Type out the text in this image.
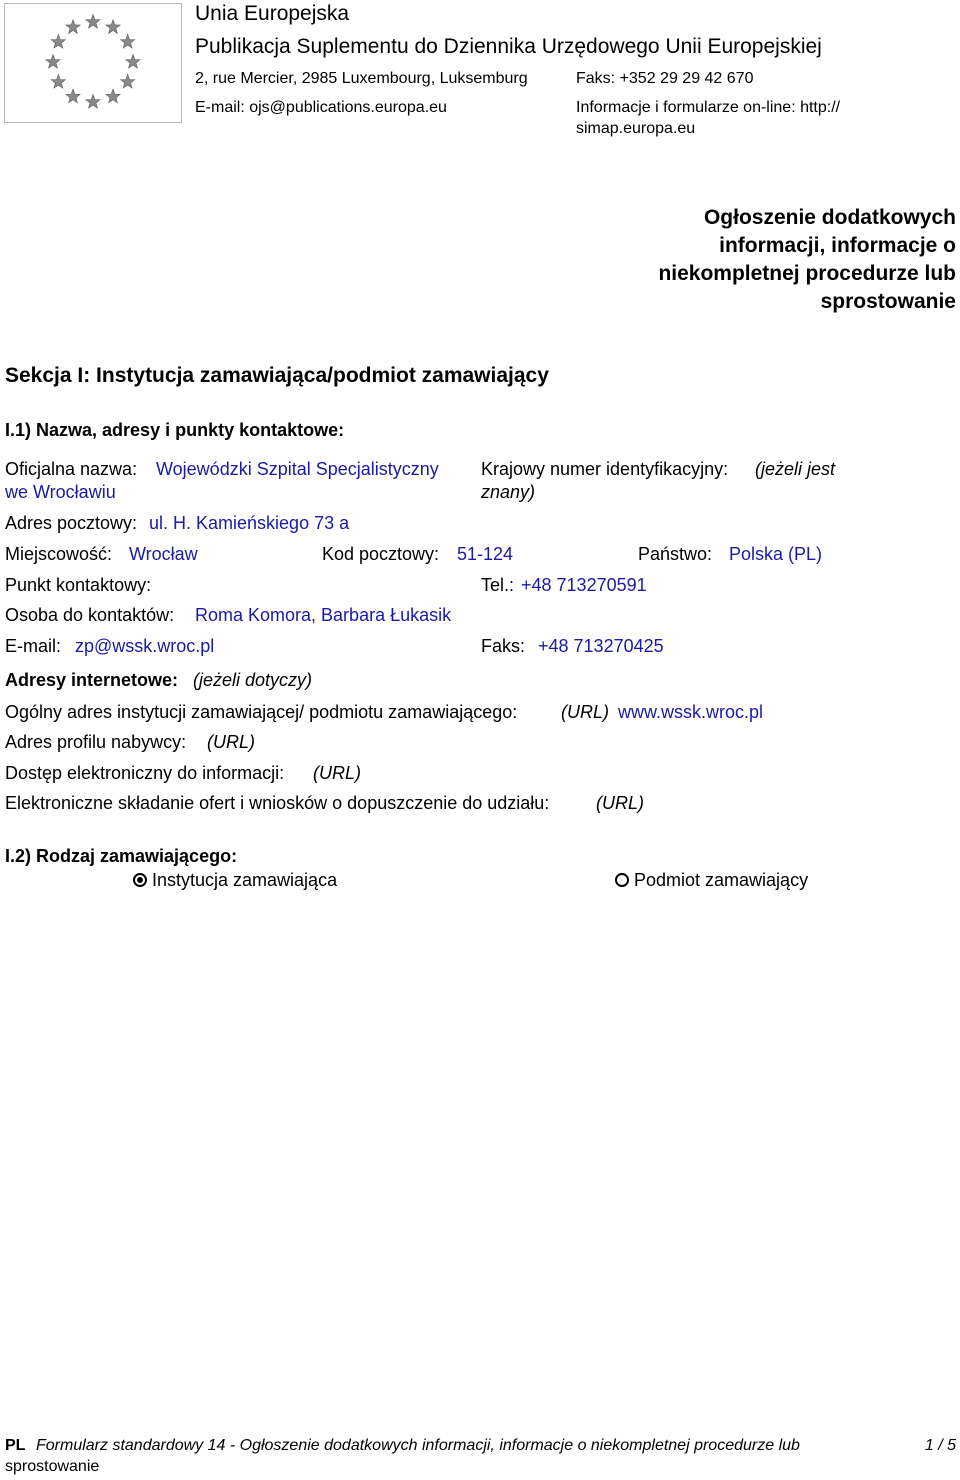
Unia Europejska
Publikacja Suplementu do Dziennika Urzędowego Unii Europejskiej
2, rue Mercier, 2985 Luxembourg, Luksemburg	Faks: +352 29 29 42 670
E-mail: ojs@publications.europa.eu	Informacje i formularze on-line: http://
simap.europa.eu
Ogłoszenie dodatkowych informacji, informacje o niekompletnej procedurze lub sprostowanie
Sekcja I: Instytucja zamawiająca/podmiot zamawiający
I.1) Nazwa, adresy i punkty kontaktowe:
Oficjalna nazwa: Wojewódzki Szpital Specjalistyczny
we Wrocławiu
Krajowy numer identyfikacyjny: (jeżeli jest
znany)
Adres pocztowy: ul. H. Kamieńskiego 73 a
Miejscowość: Wrocław	Kod pocztowy: 51-124	Państwo: Polska (PL)
Punkt kontaktowy:	Tel.: +48 713270591
Osoba do kontaktów: Roma Komora, Barbara Łukasik
E-mail: zp@wssk.wroc.pl	Faks: +48 713270425
Adresy internetowe: (jeżeli dotyczy)
Ogólny adres instytucji zamawiającej/ podmiotu zamawiającego: (URL) www.wssk.wroc.pl
Adres profilu nabywcy: (URL)
Dostęp elektroniczny do informacji: (URL)
Elektroniczne składanie ofert i wniosków o dopuszczenie do udziału:	(URL)
I.2) Rodzaj zamawiającego:
Instytucja zamawiająca	Podmiot zamawiający
PL Formularz standardowy 14 - Ogłoszenie dodatkowych informacji, informacje o niekompletnej procedurze lub
sprostowanie
1 / 5
